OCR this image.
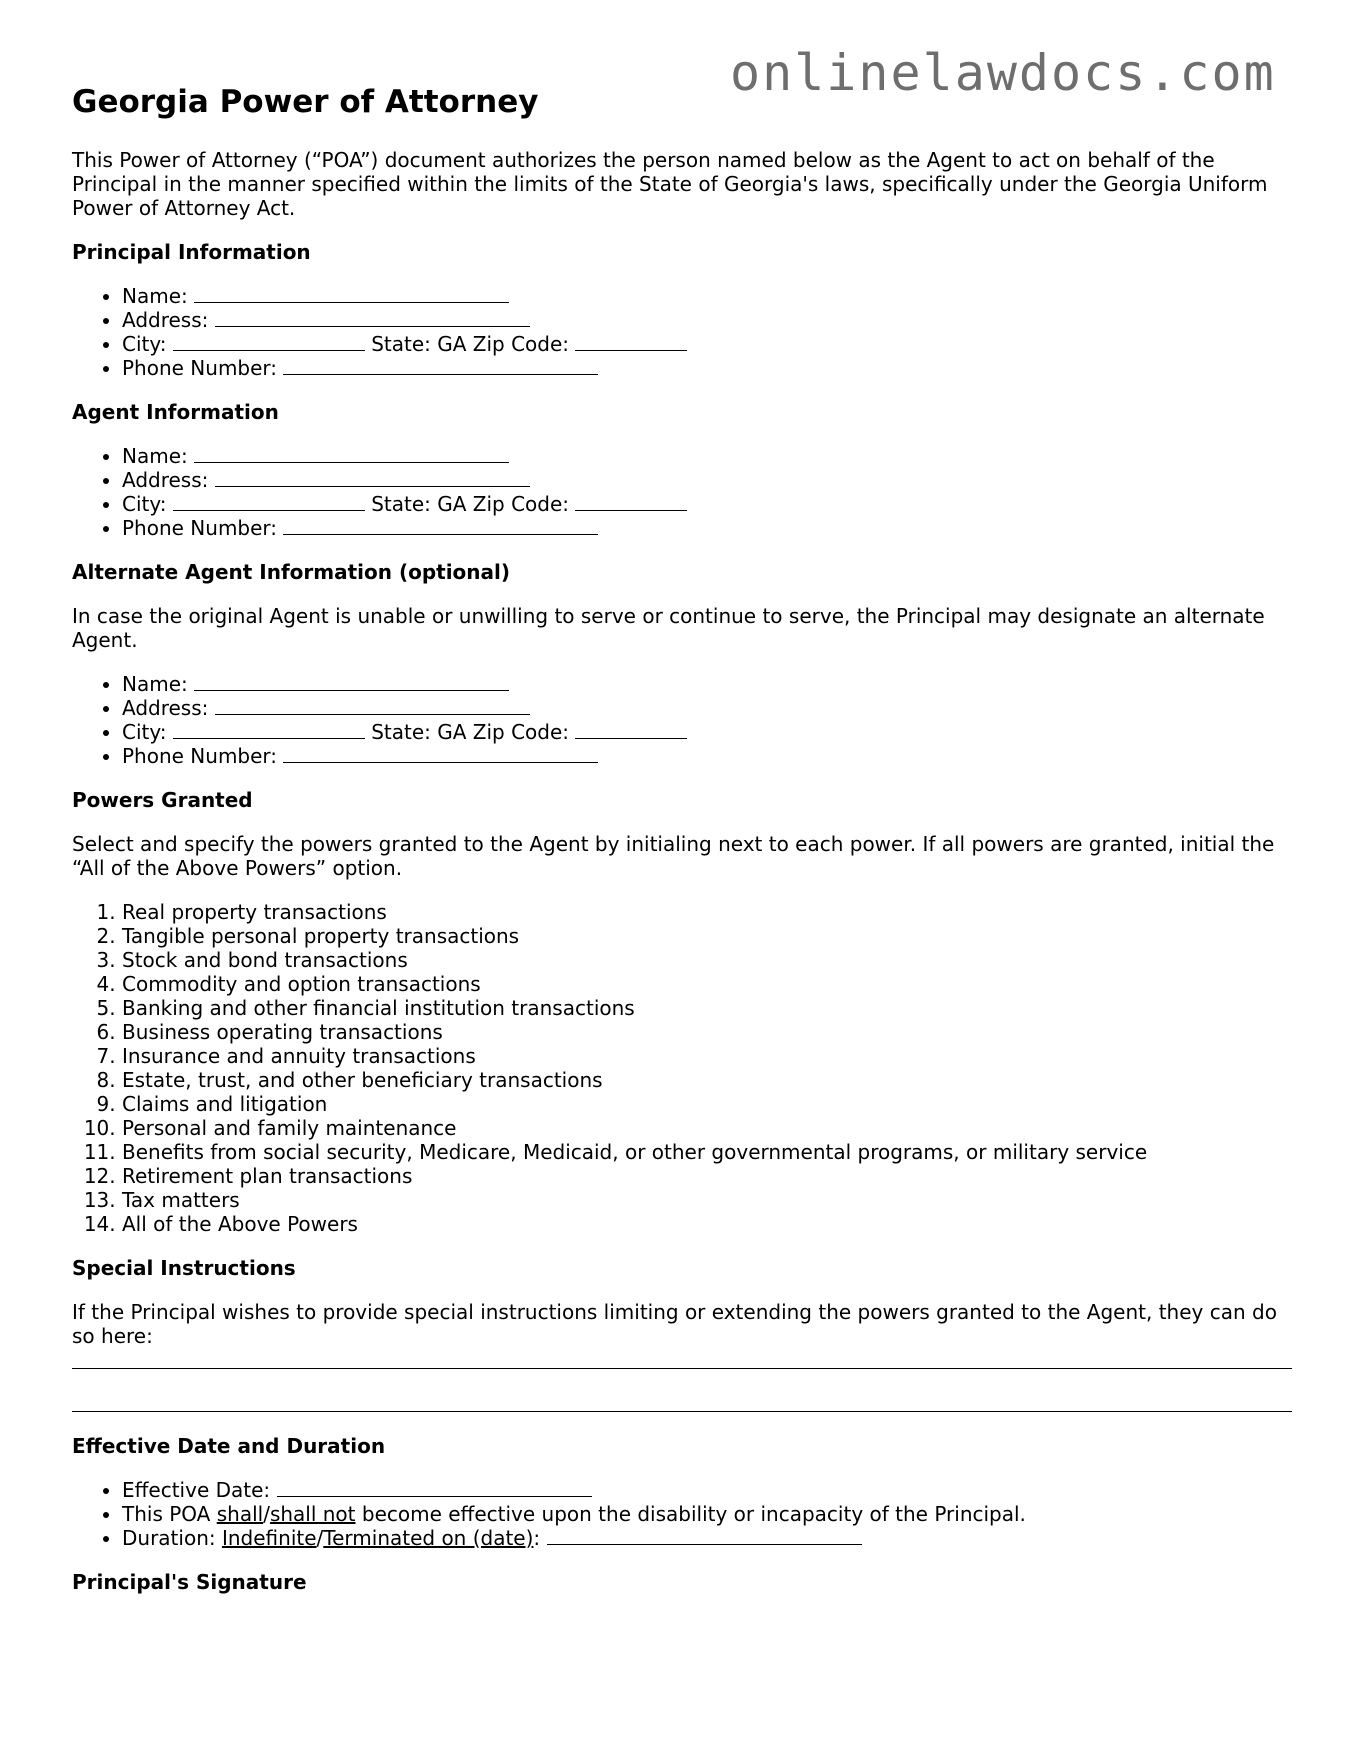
onlinelawdocs.com
Georgia Power of Attorney

This Power of Attorney (“POA”) document authorizes the person named below as the Agent to act on behalf of the Principal in the manner specified within the limits of the State of Georgia's laws, specifically under the Georgia Uniform Power of Attorney Act.

Principal Information
• Name:
• Address:
• City:	State: GA Zip Code:
• Phone Number:
Agent Information
• Name:
• Address:
• City:	State: GA Zip Code:
• Phone Number:
Alternate Agent Information (optional)

In case the original Agent is unable or unwilling to serve or continue to serve, the Principal may designate an alternate Agent.

• Name:
• Address:
• City:	State: GA Zip Code:
• Phone Number:
Powers Granted

Select and specify the powers granted to the Agent by initialing next to each power. If all powers are granted, initial the “All of the Above Powers” option.

1. Real property transactions
2. Tangible personal property transactions
3. Stock and bond transactions
4. Commodity and option transactions
5. Banking and other financial institution transactions
6. Business operating transactions
7. Insurance and annuity transactions
8. Estate, trust, and other beneficiary transactions
9. Claims and litigation
10. Personal and family maintenance
11. Benefits from social security, Medicare, Medicaid, or other governmental programs, or military service
12. Retirement plan transactions
13. Tax matters
14. All of the Above Powers
Special Instructions

If the Principal wishes to provide special instructions limiting or extending the powers granted to the Agent, they can do so here:

Effective Date and Duration
• Effective Date:
• This POA shall/shall not become effective upon the disability or incapacity of the Principal.
• Duration: Indefinite/Terminated on (date):
Principal's Signature
